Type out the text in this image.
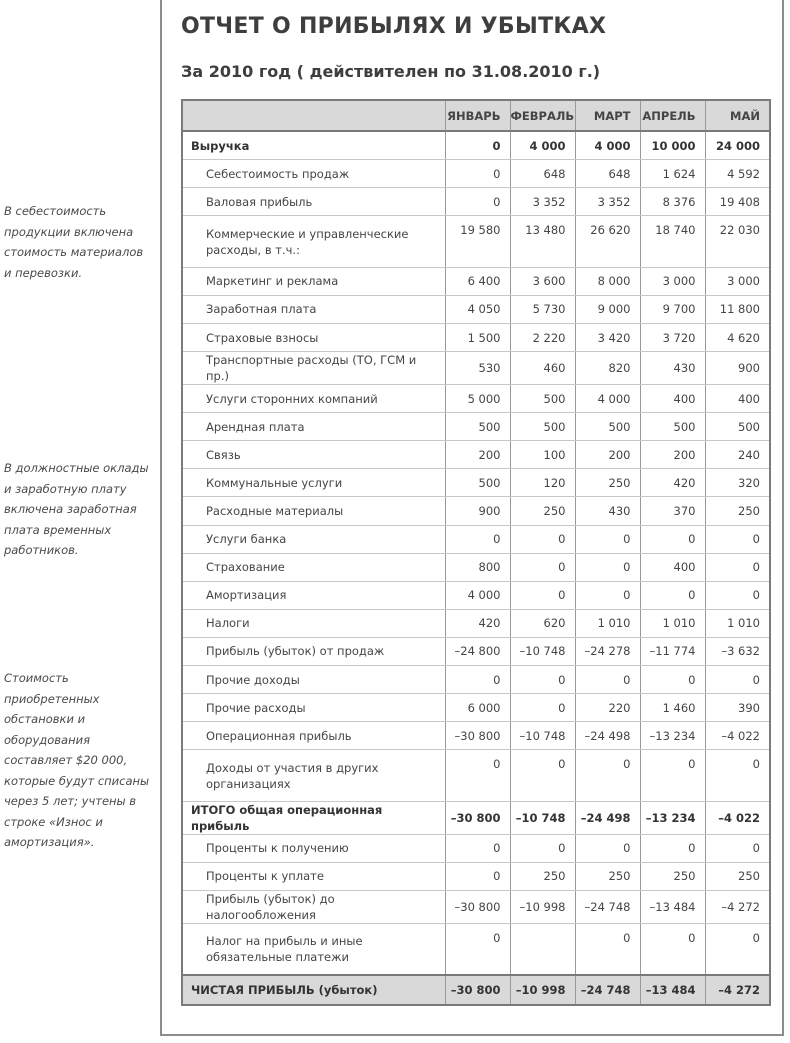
В себестоимость продукции включена стоимость материалов и перевозки.
В должностные оклады и заработную плату включена заработная плата временных работников.
Стоимость приобретенных обстановки и оборудования составляет $20 000, которые будут списаны через 5 лет; учтены в строке «Износ и амортизация».
ОТЧЕТ О ПРИБЫЛЯХ И УБЫТКАХ
За 2010 год ( действителен по 31.08.2010 г.)
	ЯНВАРЬ	ФЕВРАЛЬ	МАРТ	АПРЕЛЬ	МАЙ
Выручка	0	4 000	4 000	10 000	24 000
Себестоимость продаж	0	648	648	1 624	4 592
Валовая прибыль	0	3 352	3 352	8 376	19 408
Коммерческие и управленческие расходы, в т.ч.:	19 580	13 480	26 620	18 740	22 030
Маркетинг и реклама	6 400	3 600	8 000	3 000	3 000
Заработная плата	4 050	5 730	9 000	9 700	11 800
Страховые взносы	1 500	2 220	3 420	3 720	4 620
Транспортные расходы (ТО, ГСМ и пр.)	530	460	820	430	900
Услуги сторонних компаний	5 000	500	4 000	400	400
Арендная плата	500	500	500	500	500
Связь	200	100	200	200	240
Коммунальные услуги	500	120	250	420	320
Расходные материалы	900	250	430	370	250
Услуги банка	0	0	0	0	0
Страхование	800	0	0	400	0
Амортизация	4 000	0	0	0	0
Налоги	420	620	1 010	1 010	1 010
Прибыль (убыток) от продаж	–24 800	–10 748	–24 278	–11 774	–3 632
Прочие доходы	0	0	0	0	0
Прочие расходы	6 000	0	220	1 460	390
Операционная прибыль	–30 800	–10 748	–24 498	–13 234	–4 022
Доходы от участия в других организациях	0	0	0	0	0
ИТОГО общая операционная прибыль	–30 800	–10 748	–24 498	–13 234	–4 022
Проценты к получению	0	0	0	0	0
Проценты к уплате	0	250	250	250	250
Прибыль (убыток) до налогообложения	–30 800	–10 998	–24 748	–13 484	–4 272
Налог на прибыль и иные обязательные платежи	0		0	0	0
ЧИСТАЯ ПРИБЫЛЬ (убыток)	–30 800	–10 998	–24 748	–13 484	–4 272
